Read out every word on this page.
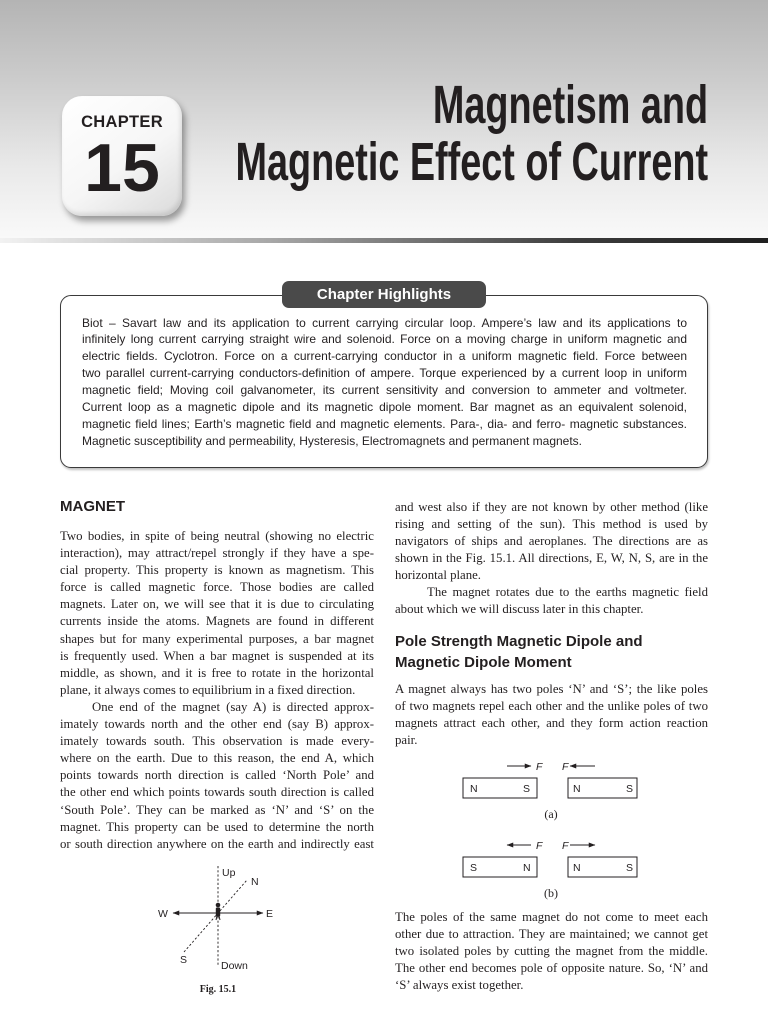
CHAPTER
15
Magnetism and
Magnetic Effect of Current
Chapter Highlights
Biot – Savart law and its application to current carrying circular loop. Ampere’s law and its applications to
infinitely long current carrying straight wire and solenoid. Force on a moving charge in uniform magnetic and
electric fields. Cyclotron. Force on a current-carrying conductor in a uniform magnetic field. Force between
two parallel current-carrying conductors-definition of ampere. Torque experienced by a current loop in uniform
magnetic field; Moving coil galvanometer, its current sensitivity and conversion to ammeter and voltmeter.
Current loop as a magnetic dipole and its magnetic dipole moment. Bar magnet as an equivalent solenoid,
magnetic field lines; Earth’s magnetic field and magnetic elements. Para-, dia- and ferro- magnetic substances.
Magnetic susceptibility and permeability, Hysteresis, Electromagnets and permanent magnets.
MAGNET
Two bodies, in spite of being neutral (showing no electric
interaction), may attract/repel strongly if they have a spe-
cial property. This property is known as magnetism. This
force is called magnetic force. Those bodies are called
magnets. Later on, we will see that it is due to circulating
currents inside the atoms. Magnets are found in different
shapes but for many experimental purposes, a bar magnet
is frequently used. When a bar magnet is suspended at its
middle, as shown, and it is free to rotate in the horizontal
plane, it always comes to equilibrium in a fixed direction.
One end of the magnet (say A) is directed approx-
imately towards north and the other end (say B) approx-
imately towards south. This observation is made every-
where on the earth. Due to this reason, the end A, which
points towards north direction is called ‘North Pole’ and
the other end which points towards south direction is called
‘South Pole’. They can be marked as ‘N’ and ‘S’ on the
magnet. This property can be used to determine the north
or south direction anywhere on the earth and indirectly east
Up
Down
N
S
E
W
Fig. 15.1
and west also if they are not known by other method (like
rising and setting of the sun). This method is used by
navigators of ships and aeroplanes. The directions are as
shown in the Fig. 15.1. All directions, E, W, N, S, are in the
horizontal plane.
The magnet rotates due to the earths magnetic field
about which we will discuss later in this chapter.
Pole Strength Magnetic Dipole and
Magnetic Dipole Moment
A magnet always has two poles ‘N’ and ‘S’; the like poles
of two magnets repel each other and the unlike poles of two
magnets attract each other, and they form action reaction
pair.
F F
N	S	N	S
(a)
F F
S	N	N	S
(b)
The poles of the same magnet do not come to meet each
other due to attraction. They are maintained; we cannot get
two isolated poles by cutting the magnet from the middle.
The other end becomes pole of opposite nature. So, ‘N’ and
‘S’ always exist together.
